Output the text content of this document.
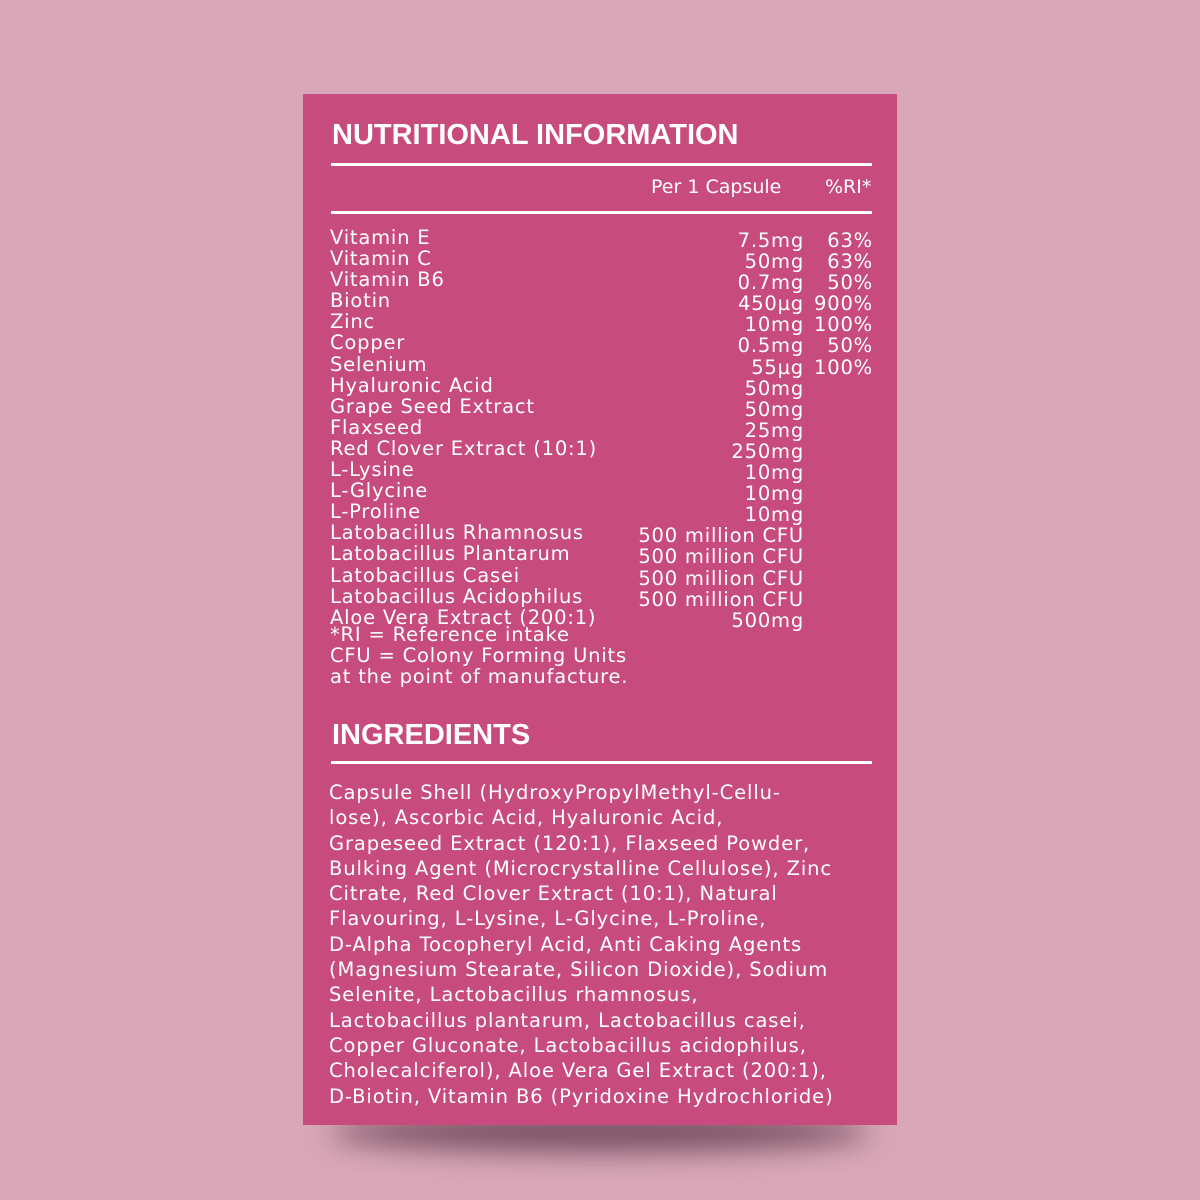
NUTRITIONAL INFORMATION
Per 1 Capsule %RI*
Vitamin E	7.5mg 63%
Vitamin C	50mg 63%
Vitamin B6	0.7mg 50%
Biotin	450µg 900%
Zinc	10mg 100%
Copper	0.5mg 50%
Selenium	55µg 100%
Hyaluronic Acid	50mg
Grape Seed Extract	50mg
Flaxseed	25mg
Red Clover Extract (10:1)	250mg
L-Lysine	10mg
L-Glycine	10mg
L-Proline	10mg
Latobacillus Rhamnosus	500 million CFU
Latobacillus Plantarum	500 million CFU
Latobacillus Casei	500 million CFU
Latobacillus Acidophilus	500 million CFU
Aloe Vera Extract (200:1)	500mg
*RI = Reference intake
CFU = Colony Forming Units
at the point of manufacture.
INGREDIENTS
Capsule Shell (HydroxyPropylMethyl-Cellu-
lose), Ascorbic Acid, Hyaluronic Acid,
Grapeseed Extract (120:1), Flaxseed Powder,
Bulking Agent (Microcrystalline Cellulose), Zinc
Citrate, Red Clover Extract (10:1), Natural
Flavouring, L-Lysine, L-Glycine, L-Proline,
D-Alpha Tocopheryl Acid, Anti Caking Agents
(Magnesium Stearate, Silicon Dioxide), Sodium
Selenite, Lactobacillus rhamnosus,
Lactobacillus plantarum, Lactobacillus casei,
Copper Gluconate, Lactobacillus acidophilus,
Cholecalciferol), Aloe Vera Gel Extract (200:1),
D-Biotin, Vitamin B6 (Pyridoxine Hydrochloride)
